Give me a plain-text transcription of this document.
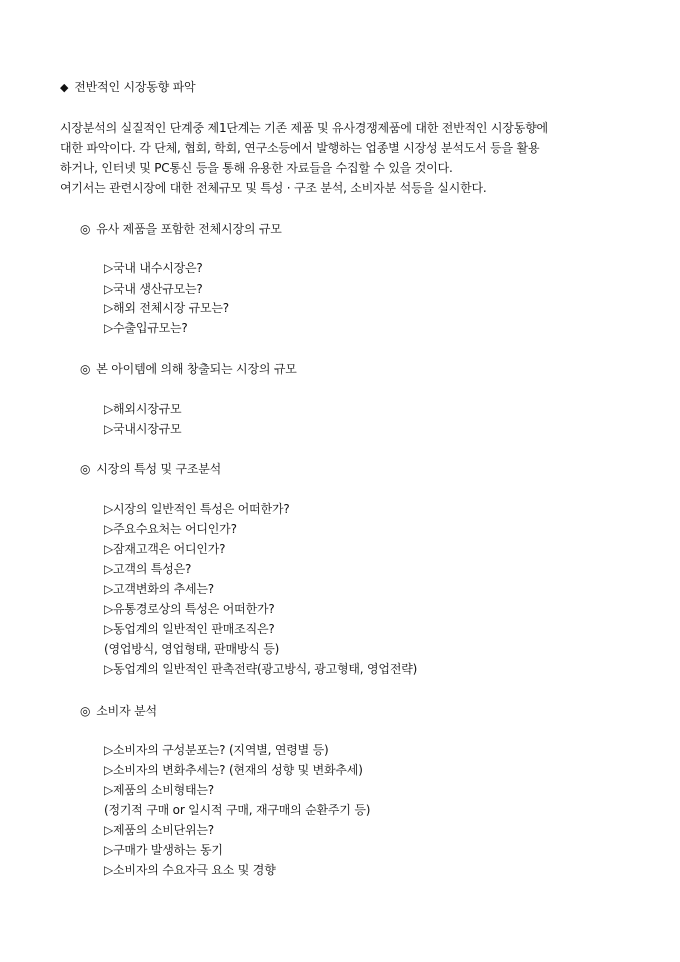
◆ 전반적인 시장동향 파악
시장분석의 실질적인 단계중 제1단계는 기존 제품 및 유사경쟁제품에 대한 전반적인 시장동향에
대한 파악이다. 각 단체, 협회, 학회, 연구소등에서 발행하는 업종별 시장성 분석도서 등을 활용
하거나, 인터넷 및 PC통신 등을 통해 유용한 자료들을 수집할 수 있을 것이다.
여기서는 관련시장에 대한 전체규모 및 특성 · 구조 분석, 소비자분 석등을 실시한다.
◎ 유사 제품을 포함한 전체시장의 규모
▷국내 내수시장은?
▷국내 생산규모는?
▷해외 전체시장 규모는?
▷수출입규모는?
◎ 본 아이템에 의해 창출되는 시장의 규모
▷해외시장규모
▷국내시장규모
◎ 시장의 특성 및 구조분석
▷시장의 일반적인 특성은 어떠한가?
▷주요수요처는 어디인가?
▷잠재고객은 어디인가?
▷고객의 특성은?
▷고객변화의 추세는?
▷유통경로상의 특성은 어떠한가?
▷동업계의 일반적인 판매조직은?
(영업방식, 영업형태, 판매방식 등)
▷동업계의 일반적인 판촉전략(광고방식, 광고형태, 영업전략)
◎ 소비자 분석
▷소비자의 구성분포는? (지역별, 연령별 등)
▷소비자의 변화추세는? (현재의 성향 및 변화추세)
▷제품의 소비형태는?
(정기적 구매 or 일시적 구매, 재구매의 순환주기 등)
▷제품의 소비단위는?
▷구매가 발생하는 동기
▷소비자의 수요자극 요소 및 경향
